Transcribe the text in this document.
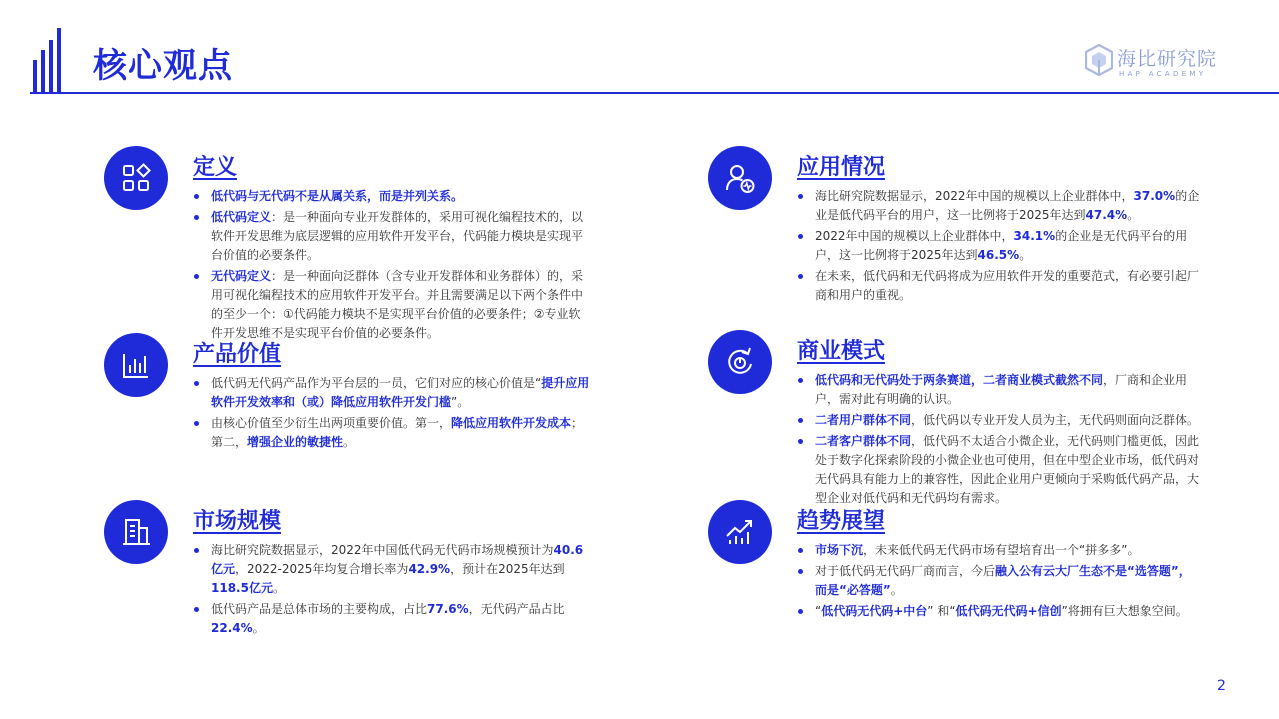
核心观点	海比研究院
HAP ACADEMY
定义
低代码与无代码不是从属关系，而是并列关系。
低代码定义：是一种面向专业开发群体的，采用可视化编程技术的，以软件开发思维为底层逻辑的应用软件开发平台，代码能力模块是实现平台价值的必要条件。
无代码定义：是一种面向泛群体（含专业开发群体和业务群体）的，采用可视化编程技术的应用软件开发平台。并且需要满足以下两个条件中的至少一个：①代码能力模块不是实现平台价值的必要条件；②专业软件开发思维不是实现平台价值的必要条件。
产品价值
低代码无代码产品作为平台层的一员，它们对应的核心价值是“提升应用软件开发效率和（或）降低应用软件开发门槛”。
由核心价值至少衍生出两项重要价值。第一，降低应用软件开发成本；第二，增强企业的敏捷性。
市场规模
海比研究院数据显示，2022年中国低代码无代码市场规模预计为40.6亿元，2022-2025年均复合增长率为42.9%，预计在2025年达到118.5亿元。
低代码产品是总体市场的主要构成，占比77.6%，无代码产品占比22.4%。
应用情况
海比研究院数据显示，2022年中国的规模以上企业群体中，37.0%的企业是低代码平台的用户，这一比例将于2025年达到47.4%。
2022年中国的规模以上企业群体中，34.1%的企业是无代码平台的用户，这一比例将于2025年达到46.5%。
在未来，低代码和无代码将成为应用软件开发的重要范式，有必要引起厂商和用户的重视。
商业模式
低代码和无代码处于两条赛道，二者商业模式截然不同，厂商和企业用户，需对此有明确的认识。
二者用户群体不同，低代码以专业开发人员为主，无代码则面向泛群体。
二者客户群体不同，低代码不太适合小微企业，无代码则门槛更低，因此处于数字化探索阶段的小微企业也可使用，但在中型企业市场，低代码对无代码具有能力上的兼容性，因此企业用户更倾向于采购低代码产品，大型企业对低代码和无代码均有需求。
趋势展望
市场下沉，未来低代码无代码市场有望培育出一个“拼多多”。
对于低代码无代码厂商而言，今后融入公有云大厂生态不是“选答题”，而是“必答题”。
“低代码无代码+中台” 和“低代码无代码+信创”将拥有巨大想象空间。
2
